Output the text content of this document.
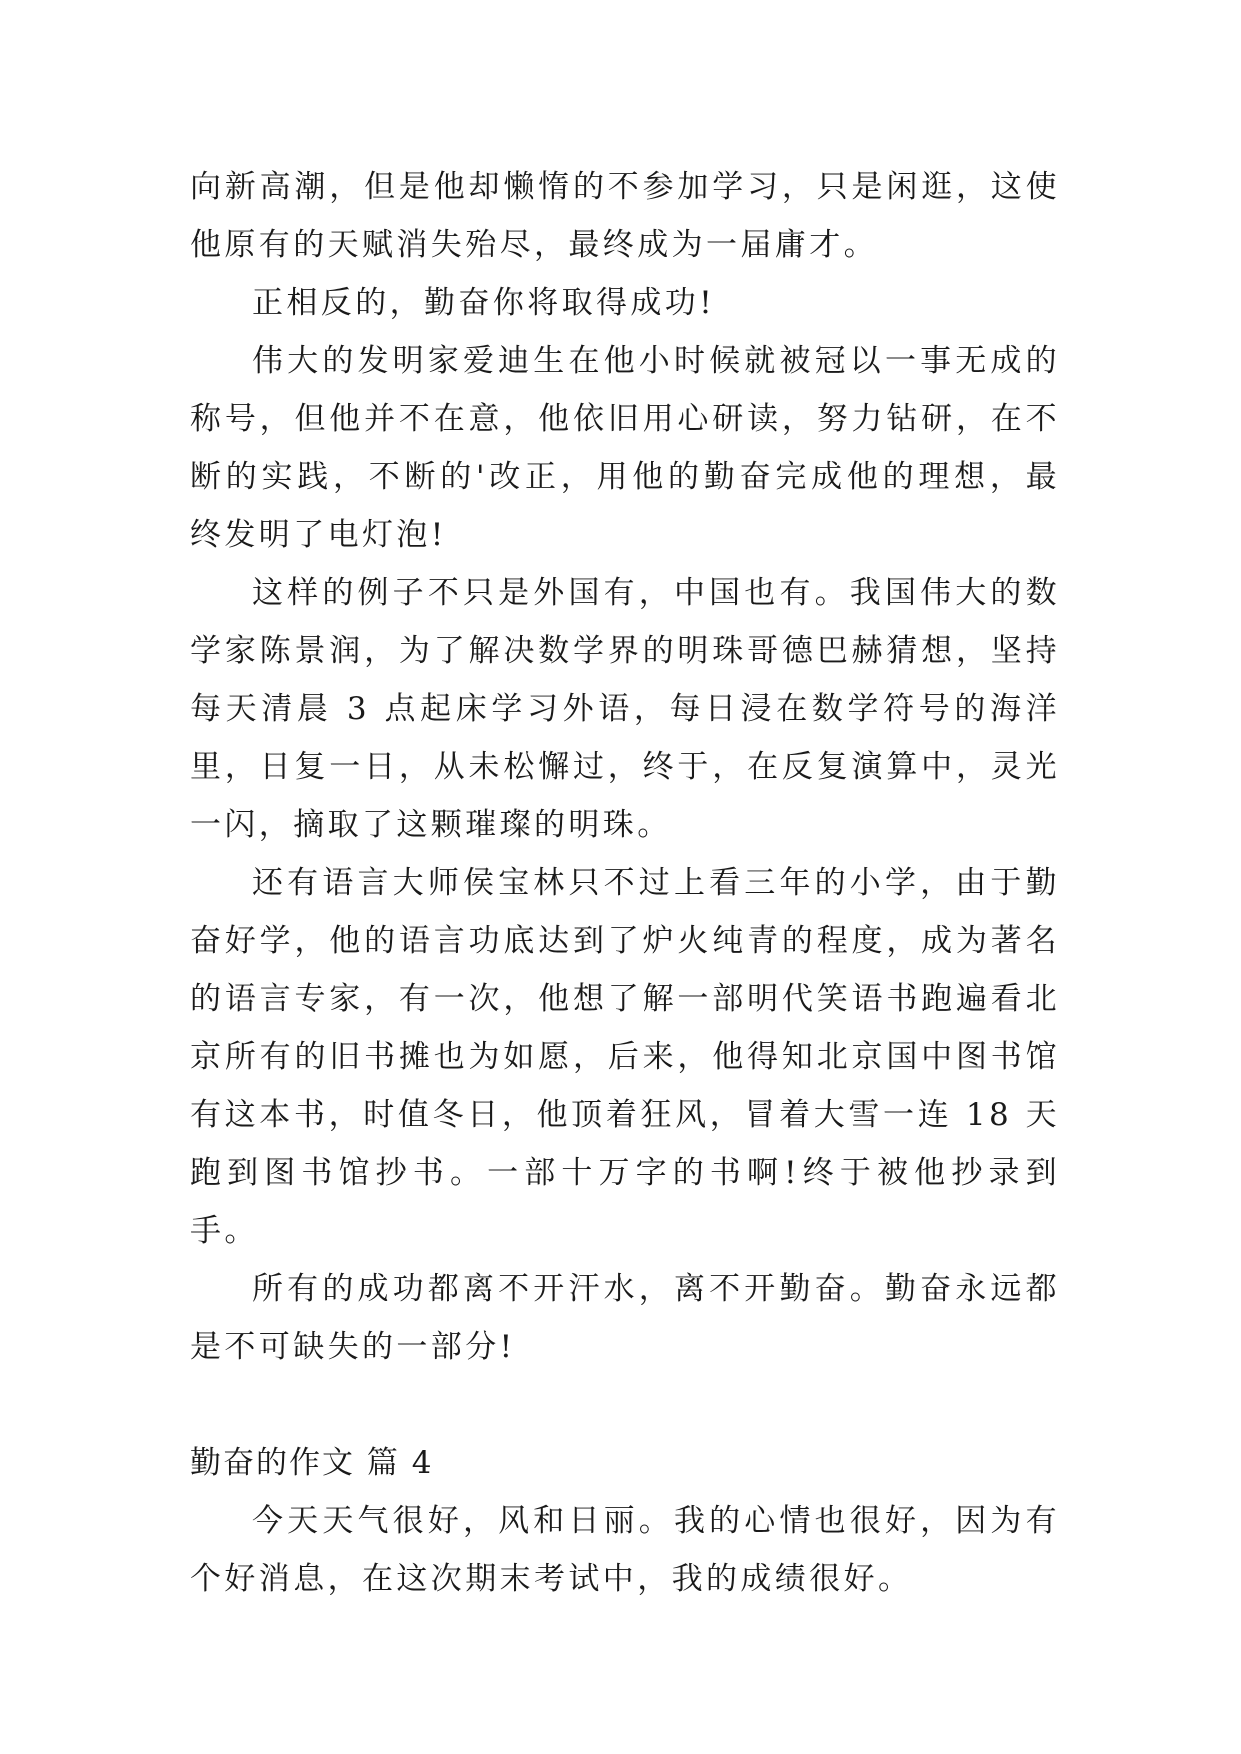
向新高潮，但是他却懒惰的不参加学习，只是闲逛，这使他原有的天赋消失殆尽，最终成为一届庸才。

正相反的，勤奋你将取得成功!

伟大的发明家爱迪生在他小时候就被冠以一事无成的称号，但他并不在意，他依旧用心研读，努力钻研，在不断的实践，不断的'改正，用他的勤奋完成他的理想，最终发明了电灯泡!

这样的例子不只是外国有，中国也有。我国伟大的数学家陈景润，为了解决数学界的明珠哥德巴赫猜想，坚持每天清晨 3 点起床学习外语，每日浸在数学符号的海洋里，日复一日，从未松懈过，终于，在反复演算中，灵光一闪，摘取了这颗璀璨的明珠。

还有语言大师侯宝林只不过上看三年的小学，由于勤奋好学，他的语言功底达到了炉火纯青的程度，成为著名的语言专家，有一次，他想了解一部明代笑语书跑遍看北京所有的旧书摊也为如愿，后来，他得知北京国中图书馆有这本书，时值冬日，他顶着狂风，冒着大雪一连 18 天跑到图书馆抄书。一部十万字的书啊!终于被他抄录到手。

所有的成功都离不开汗水，离不开勤奋。勤奋永远都是不可缺失的一部分!

勤奋的作文 篇 4

今天天气很好，风和日丽。我的心情也很好，因为有个好消息，在这次期末考试中，我的成绩很好。
